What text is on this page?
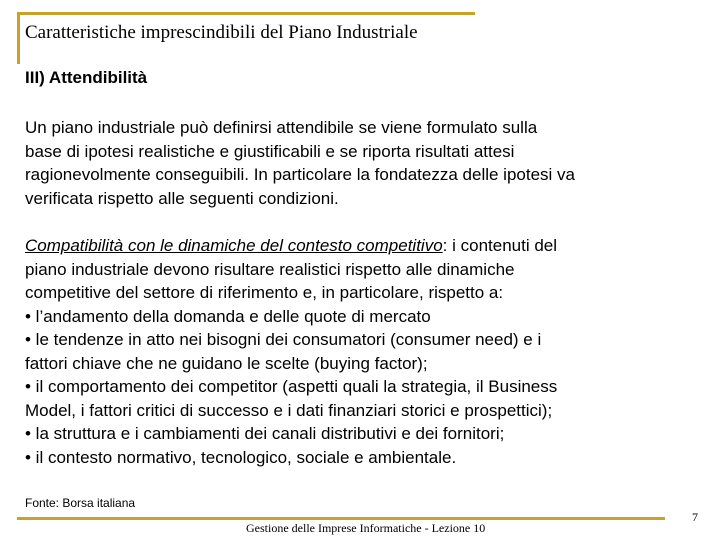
Caratteristiche imprescindibili del Piano Industriale
III) Attendibilità
Un piano industriale può definirsi attendibile se viene formulato sulla
base di ipotesi realistiche e giustificabili e se riporta risultati attesi
ragionevolmente conseguibili. In particolare la fondatezza delle ipotesi va
verificata rispetto alle seguenti condizioni.
Compatibilità con le dinamiche del contesto competitivo: i contenuti del
piano industriale devono risultare realistici rispetto alle dinamiche
competitive del settore di riferimento e, in particolare, rispetto a:
• l’andamento della domanda e delle quote di mercato
• le tendenze in atto nei bisogni dei consumatori (consumer need) e i
fattori chiave che ne guidano le scelte (buying factor);
• il comportamento dei competitor (aspetti quali la strategia, il Business
Model, i fattori critici di successo e i dati finanziari storici e prospettici);
• la struttura e i cambiamenti dei canali distributivi e dei fornitori;
• il contesto normativo, tecnologico, sociale e ambientale.
Fonte: Borsa italiana
Gestione delle Imprese Informatiche - Lezione 10
7
